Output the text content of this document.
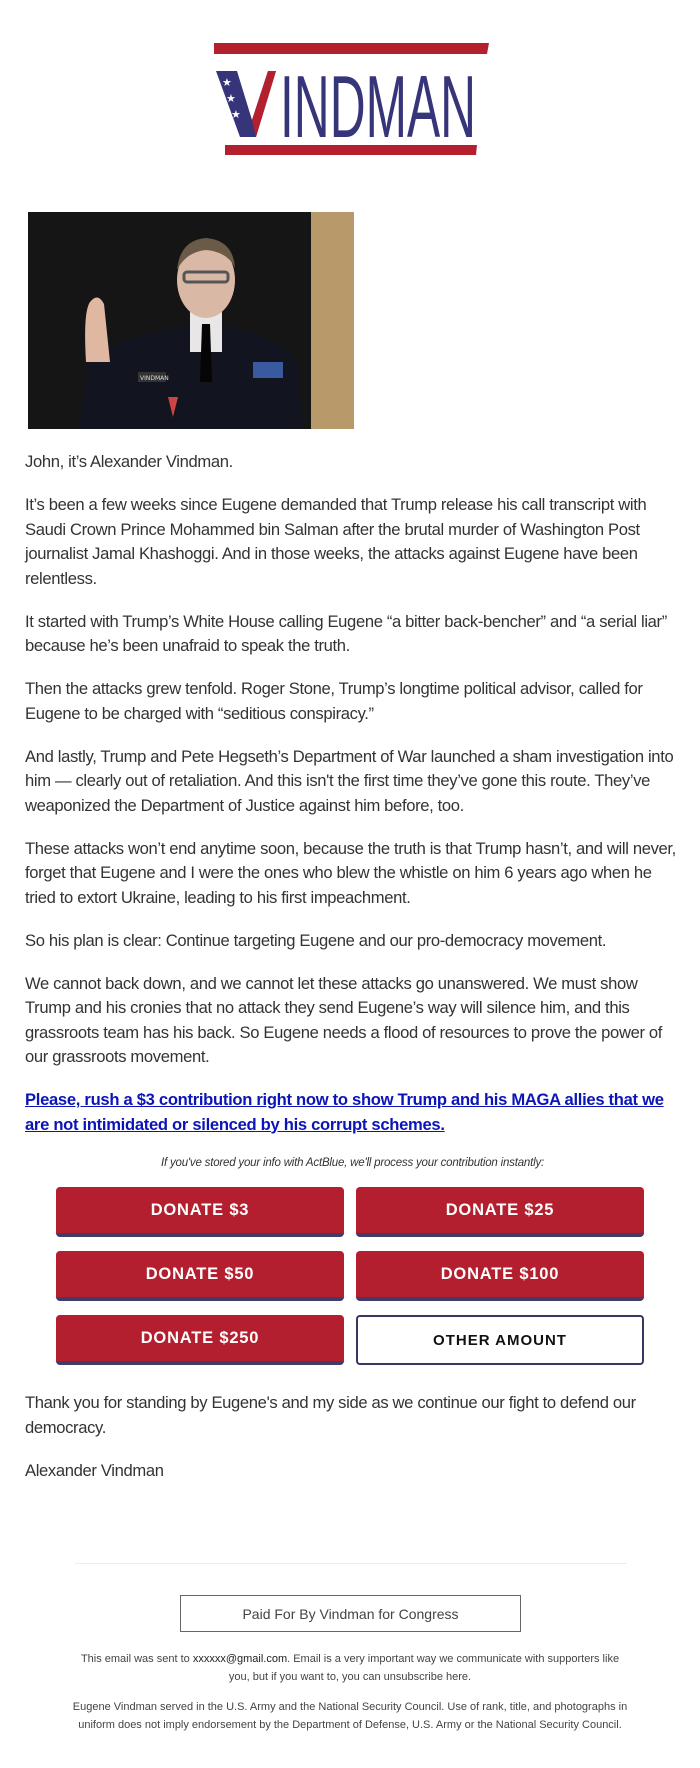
★
★
★ INDMAN
VINDMAN

John, it’s Alexander Vindman.

It’s been a few weeks since Eugene demanded that Trump release his call transcript with Saudi Crown Prince Mohammed bin Salman after the brutal murder of Washington Post journalist Jamal Khashoggi. And in those weeks, the attacks against Eugene have been relentless.

It started with Trump’s White House calling Eugene “a bitter back-bencher” and “a serial liar” because he’s been unafraid to speak the truth.

Then the attacks grew tenfold. Roger Stone, Trump’s longtime political advisor, called for Eugene to be charged with “seditious conspiracy.”

And lastly, Trump and Pete Hegseth’s Department of War launched a sham investigation into him — clearly out of retaliation. And this isn't the first time they’ve gone this route. They’ve weaponized the Department of Justice against him before, too.

These attacks won’t end anytime soon, because the truth is that Trump hasn’t, and will never, forget that Eugene and I were the ones who blew the whistle on him 6 years ago when he tried to extort Ukraine, leading to his first impeachment.

So his plan is clear: Continue targeting Eugene and our pro-democracy movement.

We cannot back down, and we cannot let these attacks go unanswered. We must show Trump and his cronies that no attack they send Eugene’s way will silence him, and this grassroots team has his back. So Eugene needs a flood of resources to prove the power of our grassroots movement.

Please, rush a $3 contribution right now to show Trump and his MAGA allies that we are not intimidated or silenced by his corrupt schemes.
If you've stored your info with ActBlue, we'll process your contribution instantly:
DONATE $3	DONATE $25
DONATE $50	DONATE $100
DONATE $250	OTHER AMOUNT

Thank you for standing by Eugene's and my side as we continue our fight to defend our democracy.

Alexander Vindman

Paid For By Vindman for Congress

This email was sent to xxxxxx@gmail.com. Email is a very important way we communicate with supporters like you, but if you want to, you can unsubscribe here.

Eugene Vindman served in the U.S. Army and the National Security Council. Use of rank, title, and photographs in uniform does not imply endorsement by the Department of Defense, U.S. Army or the National Security Council.
